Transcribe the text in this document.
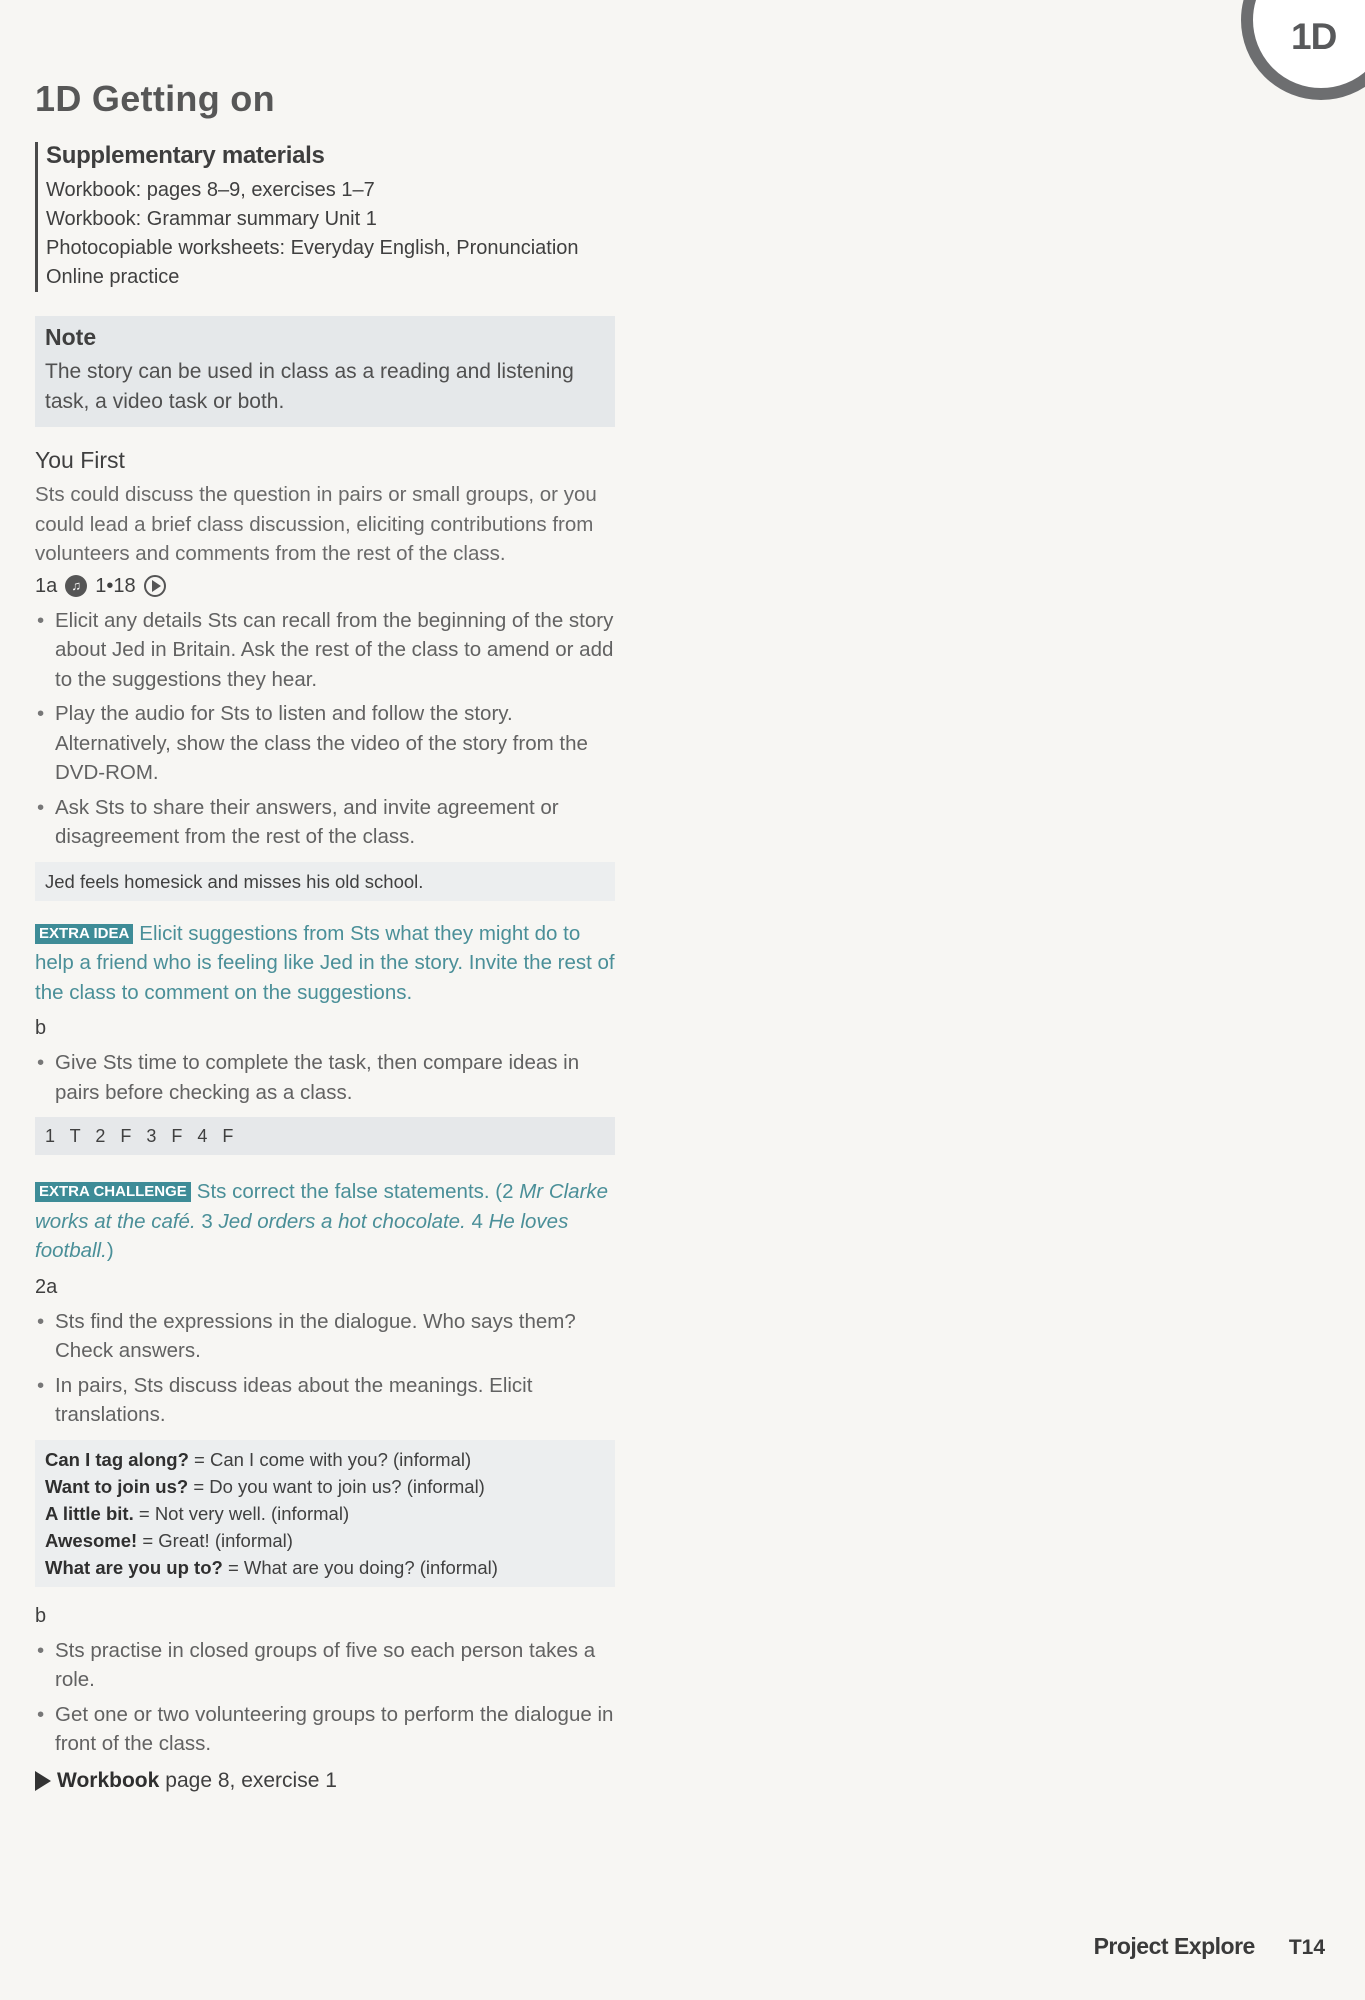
1D
1D Getting on
Supplementary materials
Workbook: pages 8–9, exercises 1–7
Workbook: Grammar summary Unit 1
Photocopiable worksheets: Everyday English, Pronunciation
Online practice
Note
The story can be used in class as a reading and listening task, a video task or both.
You First
Sts could discuss the question in pairs or small groups, or you could lead a brief class discussion, eliciting contributions from volunteers and comments from the rest of the class.
1a	♫ 1•18
• Elicit any details Sts can recall from the beginning of the story about Jed in Britain. Ask the rest of the class to amend or add to the suggestions they hear.
• Play the audio for Sts to listen and follow the story. Alternatively, show the class the video of the story from the DVD-ROM.
• Ask Sts to share their answers, and invite agreement or disagreement from the rest of the class.
Jed feels homesick and misses his old school.
EXTRA IDEA Elicit suggestions from Sts what they might do to help a friend who is feeling like Jed in the story. Invite the rest of the class to comment on the suggestions.
b
• Give Sts time to complete the task, then compare ideas in pairs before checking as a class.
1 T 2 F 3 F 4 F
EXTRA CHALLENGE Sts correct the false statements. (2 Mr Clarke works at the café. 3 Jed orders a hot chocolate. 4 He loves football.)
2a
• Sts find the expressions in the dialogue. Who says them? Check answers.
• In pairs, Sts discuss ideas about the meanings. Elicit translations.
Can I tag along? = Can I come with you? (informal)
Want to join us? = Do you want to join us? (informal)
A little bit. = Not very well. (informal)
Awesome! = Great! (informal)
What are you up to? = What are you doing? (informal)
b
• Sts practise in closed groups of five so each person takes a role.
• Get one or two volunteering groups to perform the dialogue in front of the class.
Workbook page 8, exercise 1
Project Explore T14
